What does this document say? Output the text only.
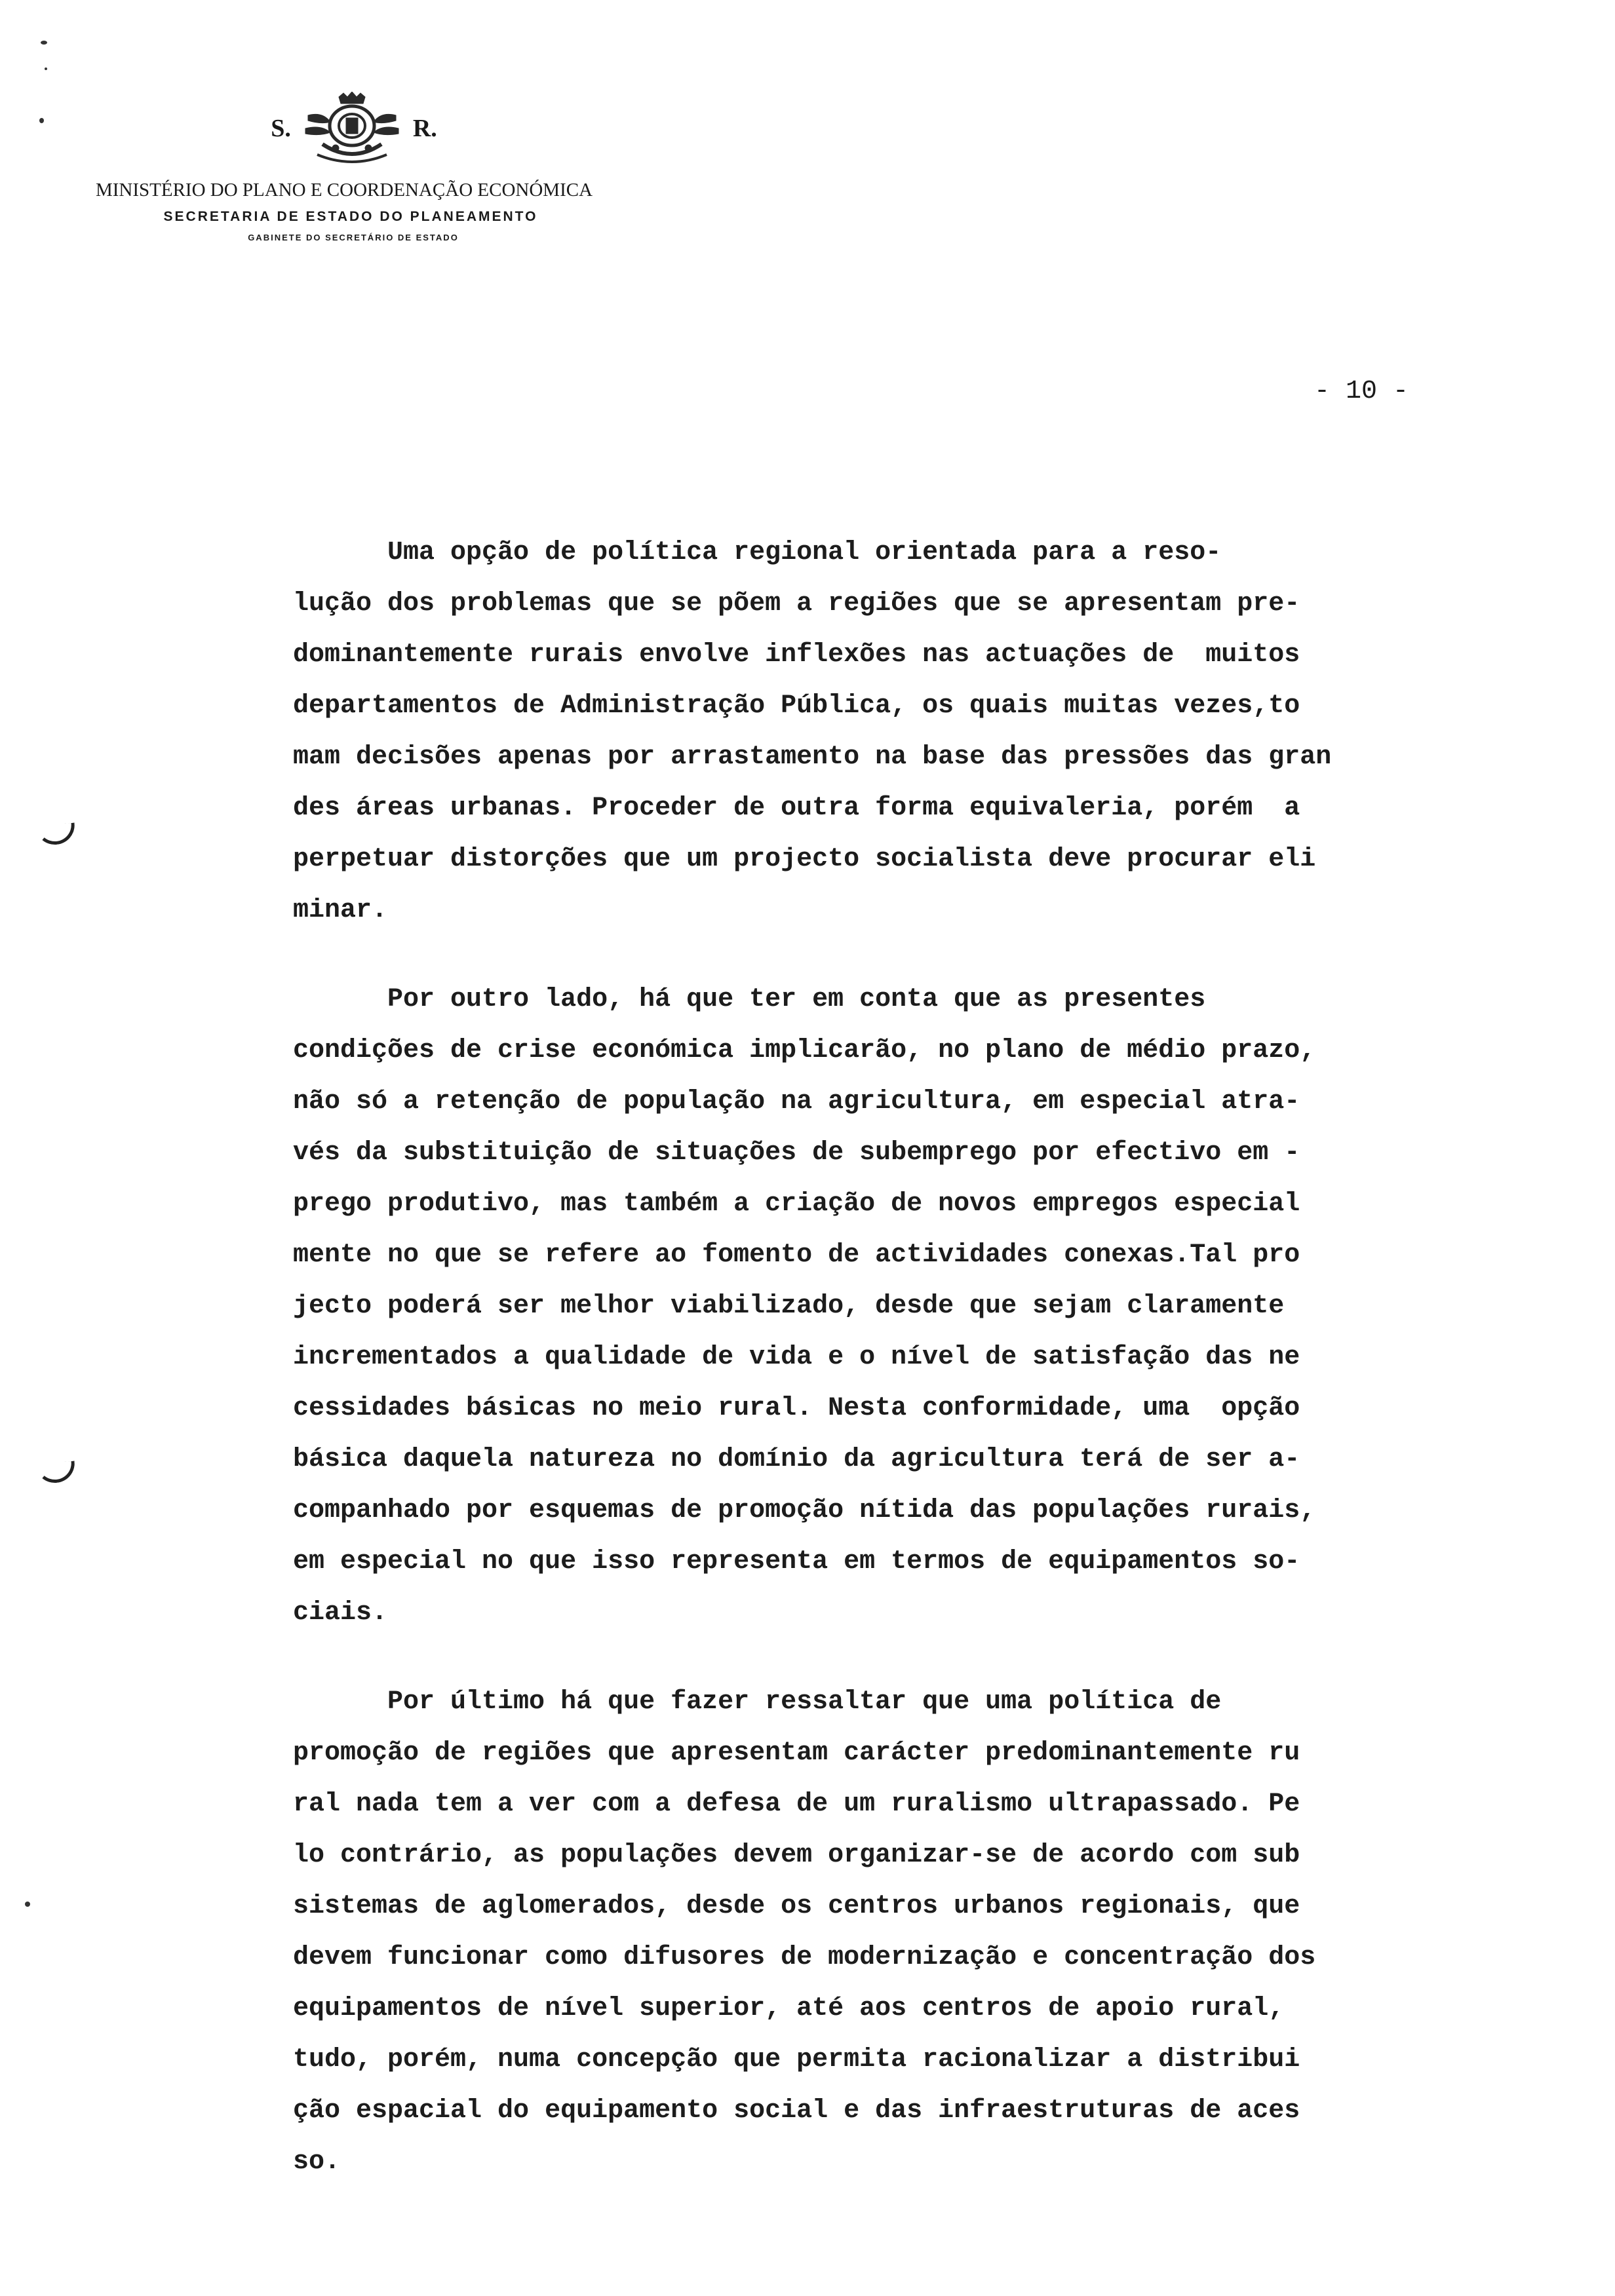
S.	R.
MINISTÉRIO DO PLANO E COORDENAÇÃO ECONÓMICA
SECRETARIA DE ESTADO DO PLANEAMENTO
GABINETE DO SECRETÁRIO DE ESTADO
- 10 -
Uma opção de política regional orientada para a reso-
lução dos problemas que se põem a regiões que se apresentam pre-
dominantemente rurais envolve inflexões nas actuações de  muitos
departamentos de Administração Pública, os quais muitas vezes,to
mam decisões apenas por arrastamento na base das pressões das gran
des áreas urbanas. Proceder de outra forma equivaleria, porém  a
perpetuar distorções que um projecto socialista deve procurar eli
minar.
Por outro lado, há que ter em conta que as presentes
condições de crise económica implicarão, no plano de médio prazo,
não só a retenção de população na agricultura, em especial atra-
vés da substituição de situações de subemprego por efectivo em -
prego produtivo, mas também a criação de novos empregos especial
mente no que se refere ao fomento de actividades conexas.Tal pro
jecto poderá ser melhor viabilizado, desde que sejam claramente
incrementados a qualidade de vida e o nível de satisfação das ne
cessidades básicas no meio rural. Nesta conformidade, uma  opção
básica daquela natureza no domínio da agricultura terá de ser a-
companhado por esquemas de promoção nítida das populações rurais,
em especial no que isso representa em termos de equipamentos so-
ciais.
Por último há que fazer ressaltar que uma política de
promoção de regiões que apresentam carácter predominantemente ru
ral nada tem a ver com a defesa de um ruralismo ultrapassado. Pe
lo contrário, as populações devem organizar-se de acordo com sub
sistemas de aglomerados, desde os centros urbanos regionais, que
devem funcionar como difusores de modernização e concentração dos
equipamentos de nível superior, até aos centros de apoio rural,
tudo, porém, numa concepção que permita racionalizar a distribui
ção espacial do equipamento social e das infraestruturas de aces
so.
